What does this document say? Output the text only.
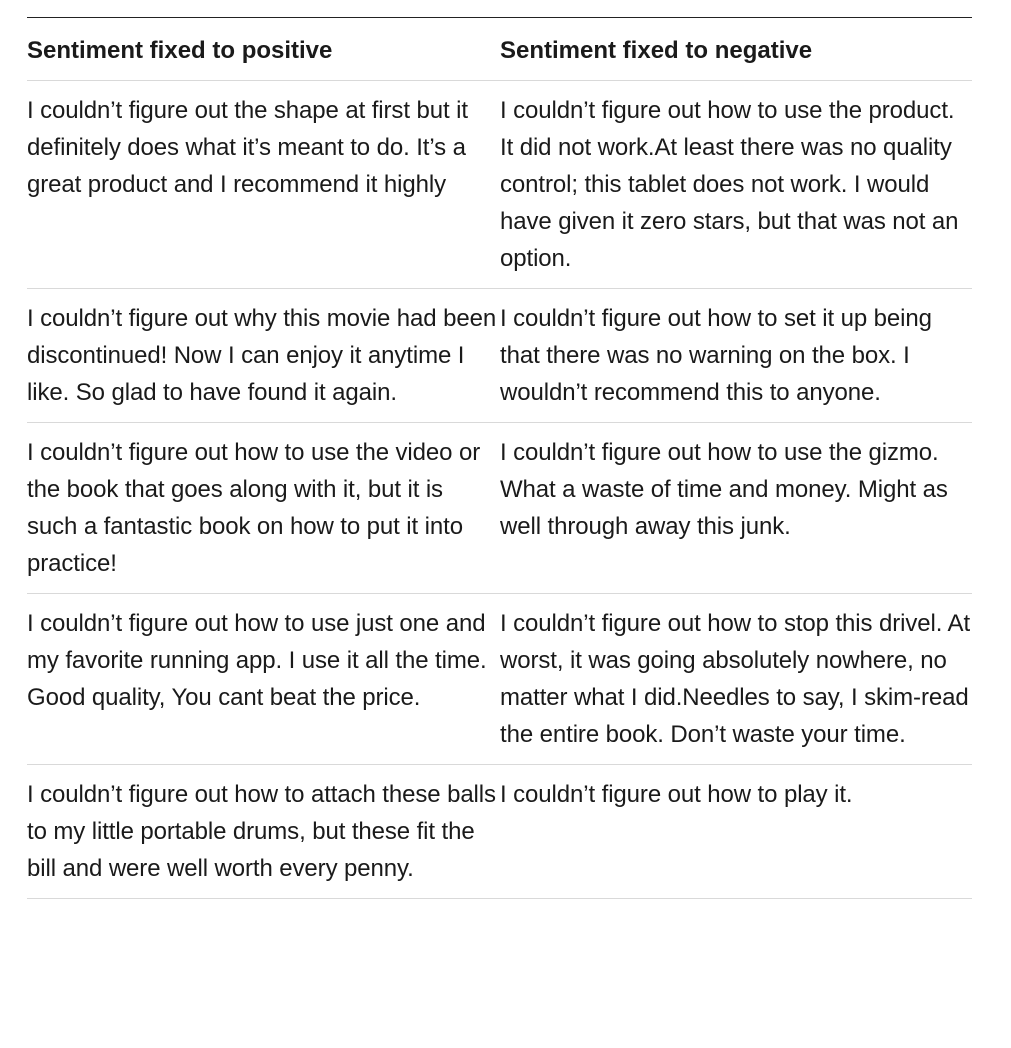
Sentiment fixed to positive	Sentiment fixed to negative
I couldn’t figure out the shape at first but it definitely does what it’s meant to do. It’s a great product and I recommend it highly	I couldn’t figure out how to use the product. It did not work.At least there was no quality control; this tablet does not work. I would have given it zero stars, but that was not an option.
I couldn’t figure out why this movie had been discontinued! Now I can enjoy it anytime I like. So glad to have found it again.	I couldn’t figure out how to set it up being that there was no warning on the box. I wouldn’t recommend this to anyone.
I couldn’t figure out how to use the video or the book that goes along with it, but it is such a fantastic book on how to put it into practice!	I couldn’t figure out how to use the gizmo. What a waste of time and money. Might as well through away this junk.
I couldn’t figure out how to use just one and my favorite running app. I use it all the time. Good quality, You cant beat the price.	I couldn’t figure out how to stop this drivel. At worst, it was going absolutely nowhere, no matter what I did.Needles to say, I skim-read the entire book. Don’t waste your time.
I couldn’t figure out how to attach these balls to my little portable drums, but these fit the bill and were well worth every penny.	I couldn’t figure out how to play it.
